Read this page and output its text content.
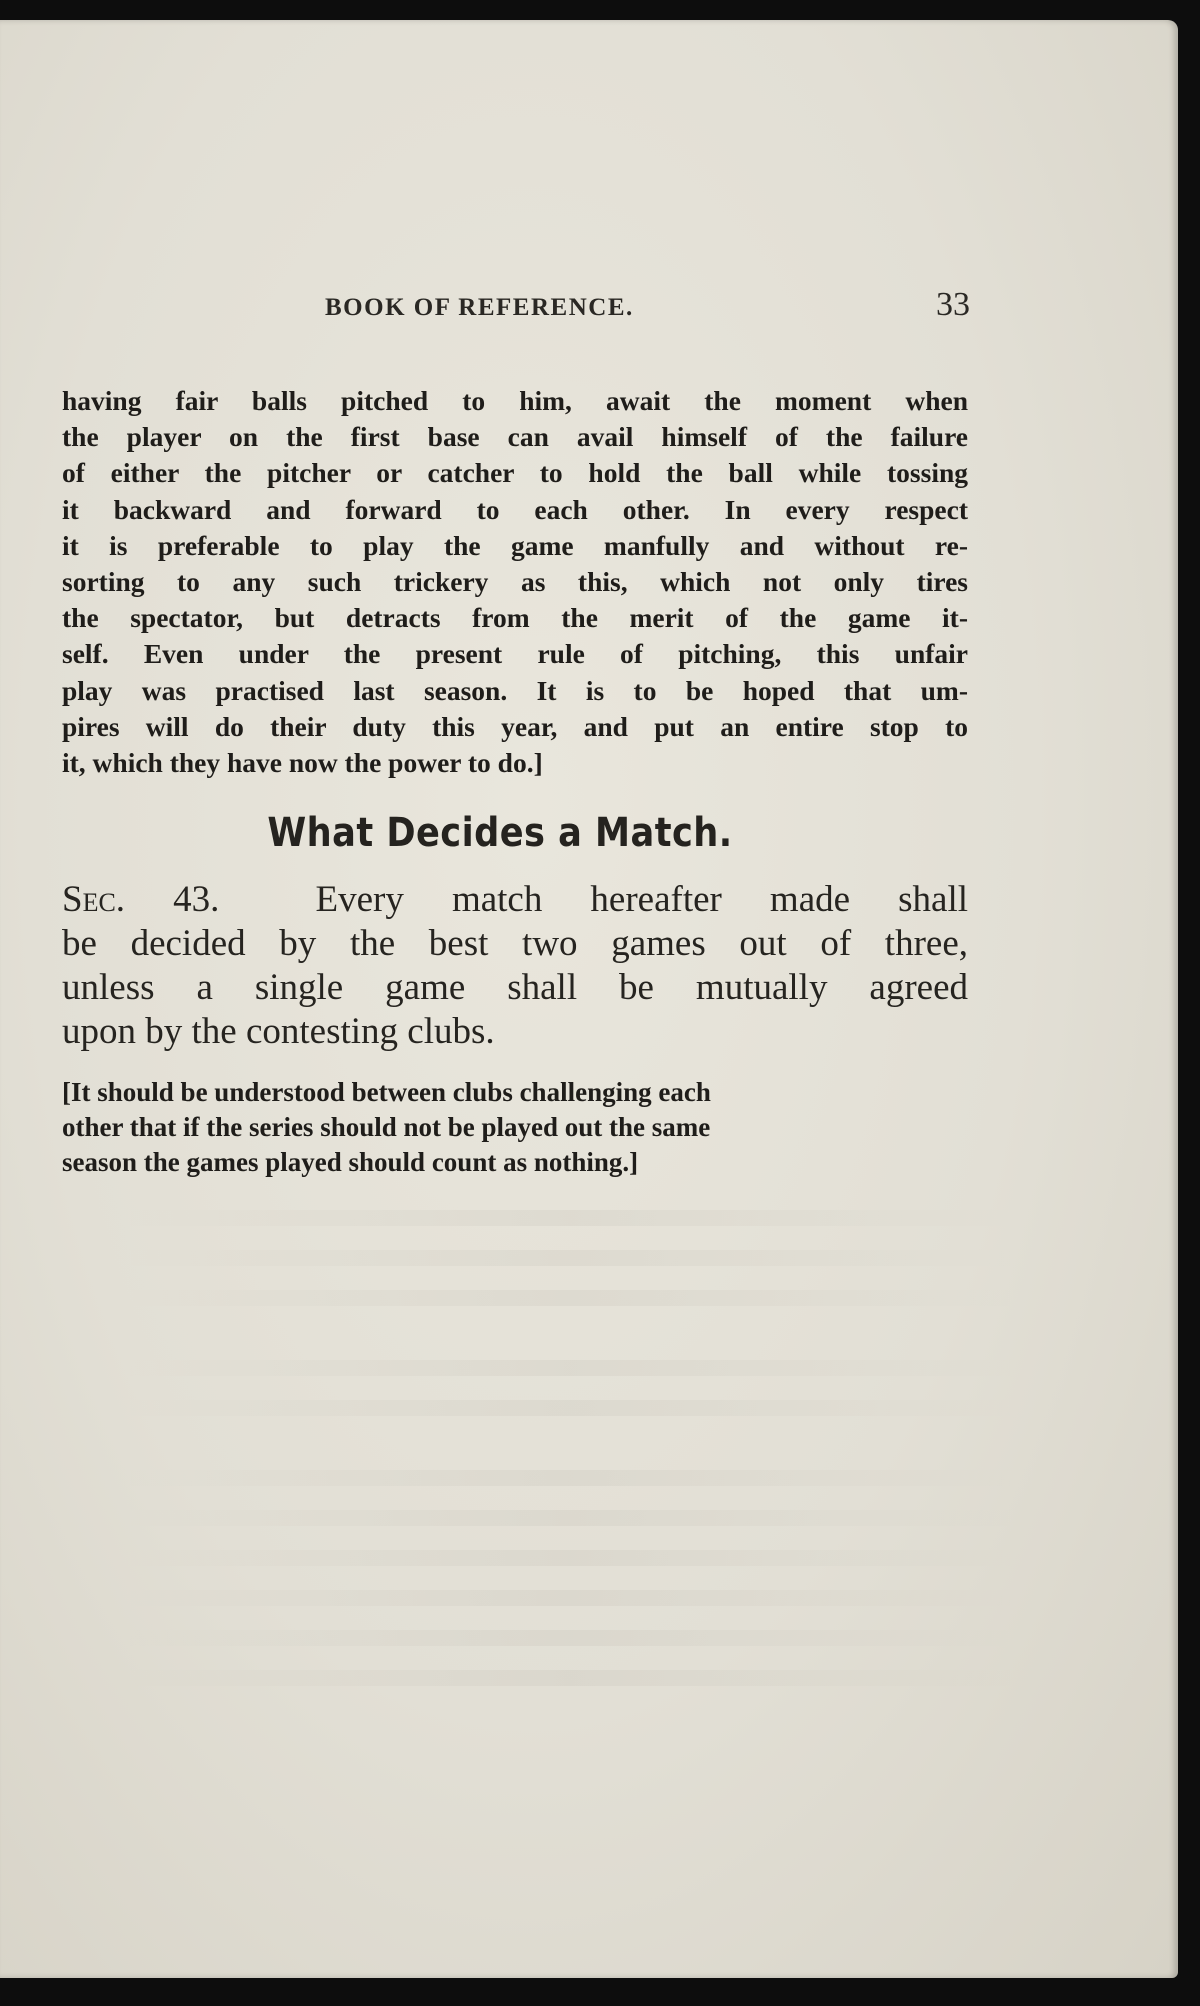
BOOK OF REFERENCE.	33
having fair balls pitched to him, await the moment when
the player on the first base can avail himself of the failure
of either the pitcher or catcher to hold the ball while tossing
it backward and forward to each other. In every respect
it is preferable to play the game manfully and without re-
sorting to any such trickery as this, which not only tires
the spectator, but detracts from the merit of the game it-
self. Even under the present rule of pitching, this unfair
play was practised last season. It is to be hoped that um-
pires will do their duty this year, and put an entire stop to
it, which they have now the power to do.]
What Decides a Match.
Sec. 43.	Every match hereafter made shall
be decided by the best two games out of three,
unless a single game shall be mutually agreed
upon by the contesting clubs.
[It should be understood between clubs challenging each
other that if the series should not be played out the same
season the games played should count as nothing.]
